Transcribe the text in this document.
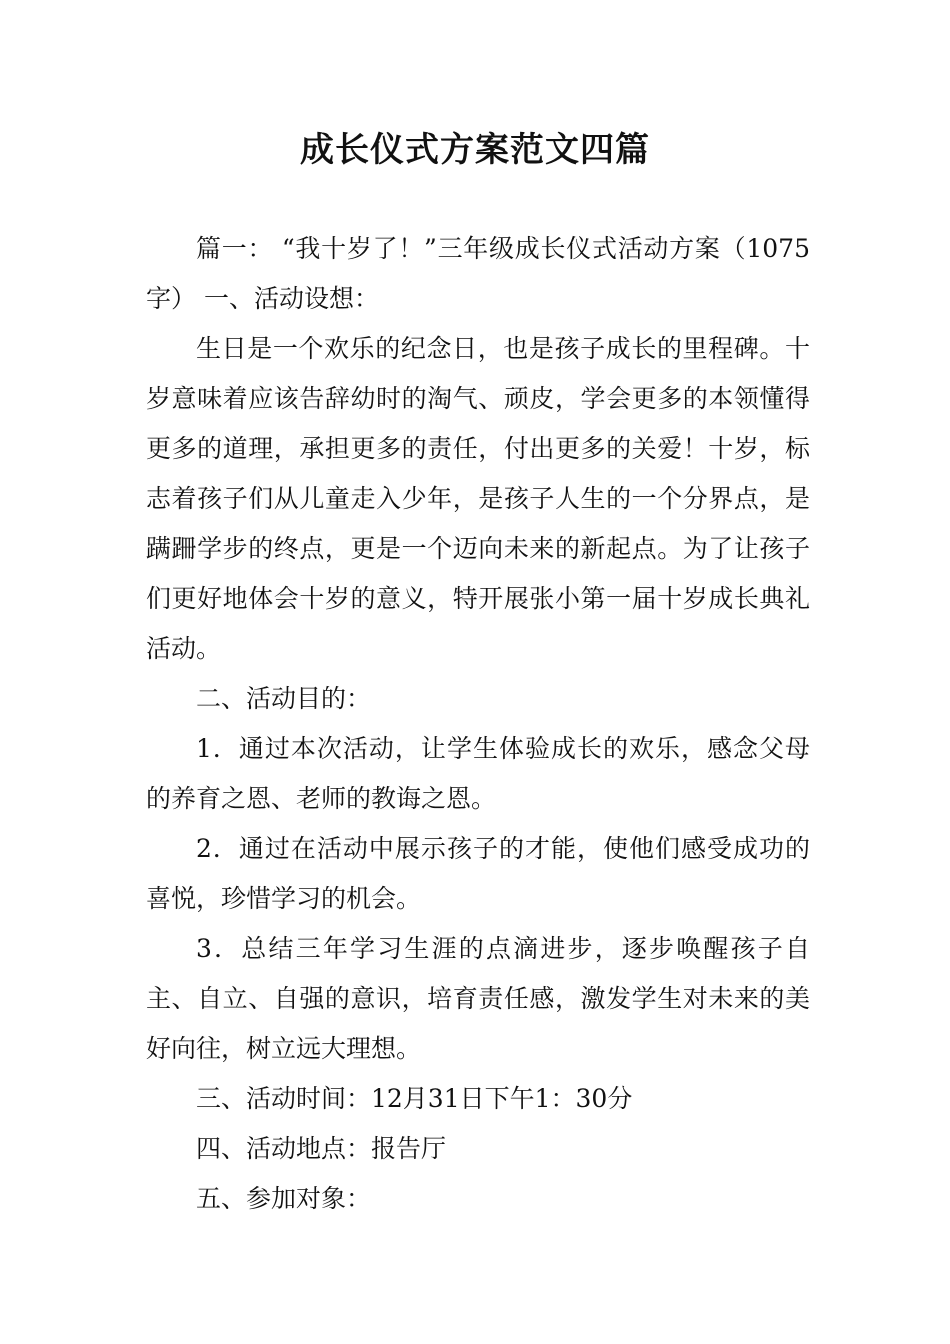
成长仪式方案范文四篇

篇一： “我十岁了！”三年级成长仪式活动方案（1075字） 一、活动设想：

生日是一个欢乐的纪念日，也是孩子成长的里程碑。十岁意味着应该告辞幼时的淘气、顽皮，学会更多的本领懂得更多的道理，承担更多的责任，付出更多的关爱！十岁，标志着孩子们从儿童走入少年，是孩子人生的一个分界点，是蹒跚学步的终点，更是一个迈向未来的新起点。为了让孩子们更好地体会十岁的意义，特开展张小第一届十岁成长典礼活动。

二、活动目的：

1．通过本次活动，让学生体验成长的欢乐，感念父母的养育之恩、老师的教诲之恩。

2．通过在活动中展示孩子的才能，使他们感受成功的喜悦，珍惜学习的机会。

3．总结三年学习生涯的点滴进步，逐步唤醒孩子自主、自立、自强的意识，培育责任感，激发学生对未来的美好向往，树立远大理想。

三、活动时间：12月31日下午1：30分

四、活动地点：报告厅

五、参加对象：
